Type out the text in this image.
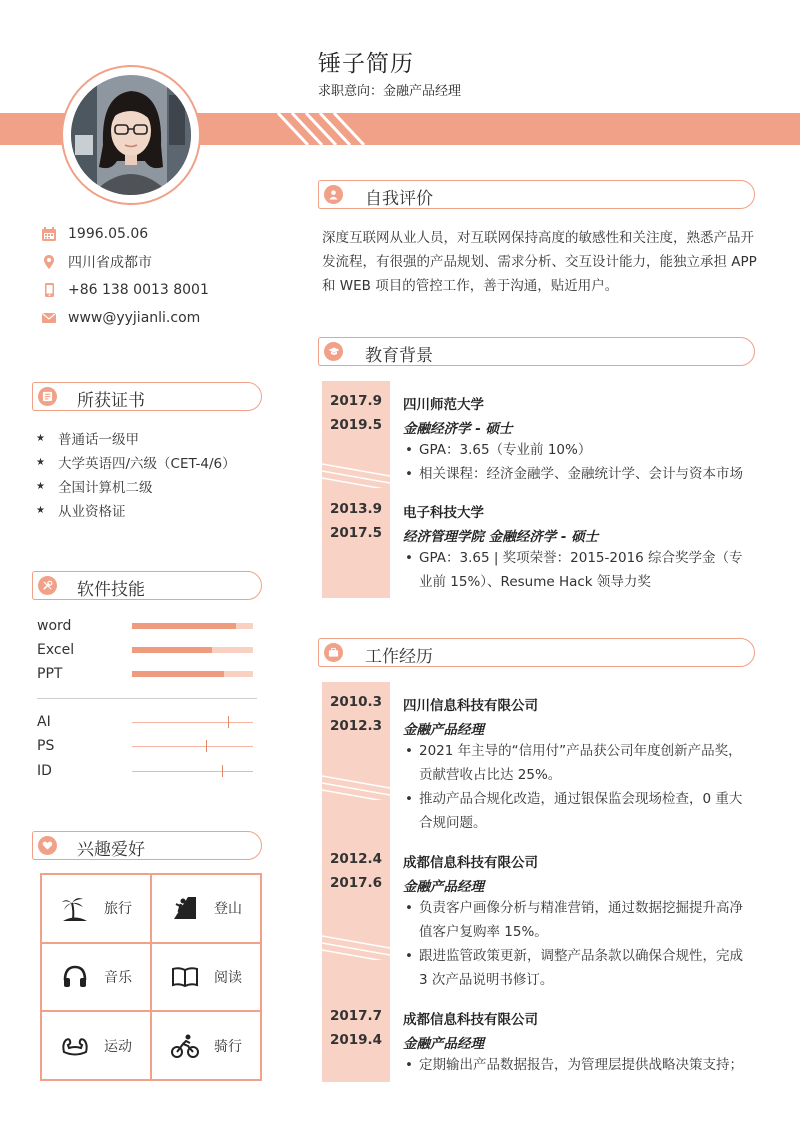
锤子简历
求职意向：金融产品经理
1996.05.06
四川省成都市
+86 138 0013 8001
www@yyjianli.com
所获证书
★ 普通话一级甲
★ 大学英语四/六级（CET-4/6）
★ 全国计算机二级
★ 从业资格证
软件技能
word
Excel
PPT
AI
PS
ID
兴趣爱好
旅行	登山
音乐	阅读
运动	骑行
自我评价
深度互联网从业人员，对互联网保持高度的敏感性和关注度，熟悉产品开发流程，有很强的产品规划、需求分析、交互设计能力，能独立承担 APP 和 WEB 项目的管控工作，善于沟通，贴近用户。
教育背景
2017.9
2019.5
四川师范大学
金融经济学 - 硕士
• GPA：3.65（专业前 10%）
• 相关课程：经济金融学、金融统计学、会计与资本市场
2013.9
2017.5
电子科技大学
经济管理学院 金融经济学 - 硕士
• GPA：3.65 | 奖项荣誉：2015-2016 综合奖学金（专业前 15%）、Resume Hack 领导力奖
工作经历
2010.3
2012.3
四川信息科技有限公司
金融产品经理
• 2021 年主导的“信用付”产品获公司年度创新产品奖，贡献营收占比达 25%。
• 推动产品合规化改造，通过银保监会现场检查，0 重大合规问题。
2012.4
2017.6
成都信息科技有限公司
金融产品经理
• 负责客户画像分析与精准营销，通过数据挖掘提升高净值客户复购率 15%。
• 跟进监管政策更新，调整产品条款以确保合规性，完成 3 次产品说明书修订。
2017.7
2019.4
成都信息科技有限公司
金融产品经理
• 定期输出产品数据报告，为管理层提供战略决策支持；
